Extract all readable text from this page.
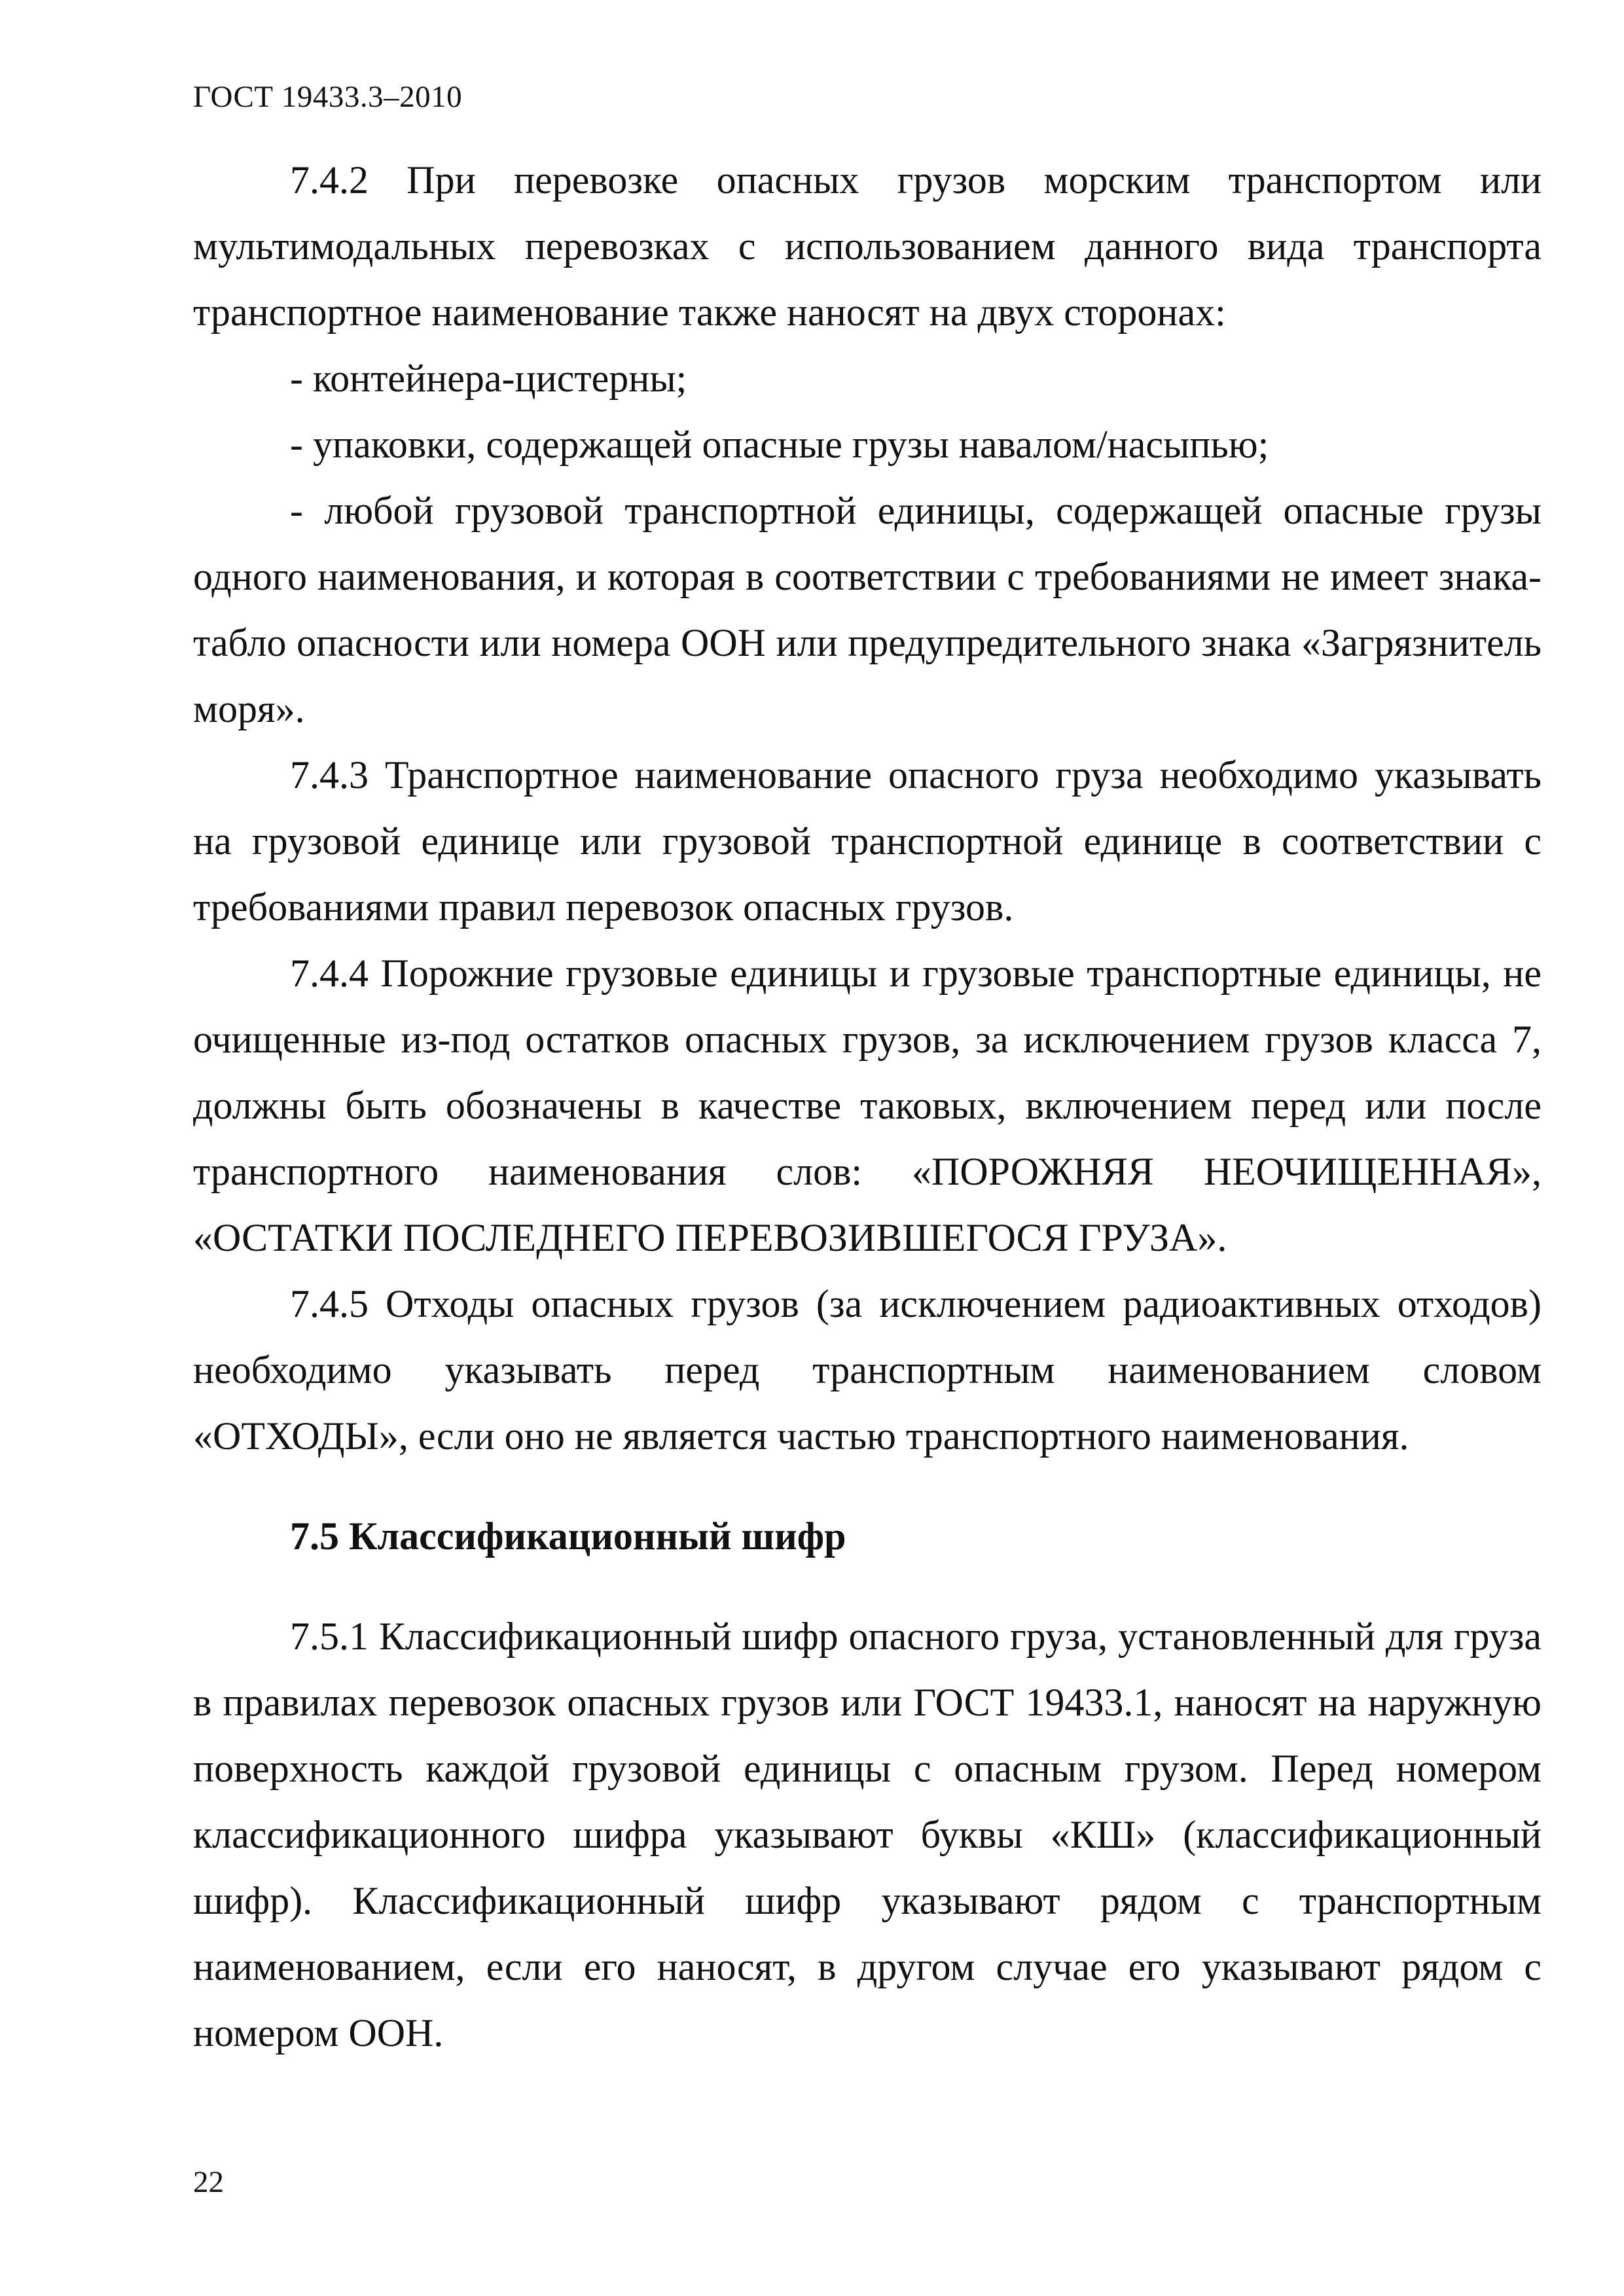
ГОСТ 19433.3–2010

7.4.2 При перевозке опасных грузов морским транспортом или мультимодальных перевозках с использованием данного вида транспорта транспортное наименование также наносят на двух сторонах:

- контейнера-цистерны;

- упаковки, содержащей опасные грузы навалом/насыпью;

- любой грузовой транспортной единицы, содержащей опасные грузы одного наименования, и которая в соответствии с требованиями не имеет знака-табло опасности или номера ООН или предупредительного знака «Загрязнитель моря».

7.4.3 Транспортное наименование опасного груза необходимо указывать на грузовой единице или грузовой транспортной единице в соответствии с требованиями правил перевозок опасных грузов.

7.4.4 Порожние грузовые единицы и грузовые транспортные единицы, не очищенные из-под остатков опасных грузов, за исключением грузов класса 7, должны быть обозначены в качестве таковых, включением перед или после транспортного наименования слов: «ПОРОЖНЯЯ НЕОЧИЩЕННАЯ», «ОСТАТКИ ПОСЛЕДНЕГО ПЕРЕВОЗИВШЕГОСЯ ГРУЗА».

7.4.5 Отходы опасных грузов (за исключением радиоактивных отходов) необходимо указывать перед транспортным наименованием словом «ОТХОДЫ», если оно не является частью транспортного наименования.

7.5 Классификационный шифр

7.5.1 Классификационный шифр опасного груза, установленный для груза в правилах перевозок опасных грузов или ГОСТ 19433.1, наносят на наружную поверхность каждой грузовой единицы с опасным грузом. Перед номером классификационного шифра указывают буквы «КШ» (классификационный шифр). Классификационный шифр указывают рядом с транспортным наименованием, если его наносят, в другом случае его указывают рядом с номером ООН.

22
